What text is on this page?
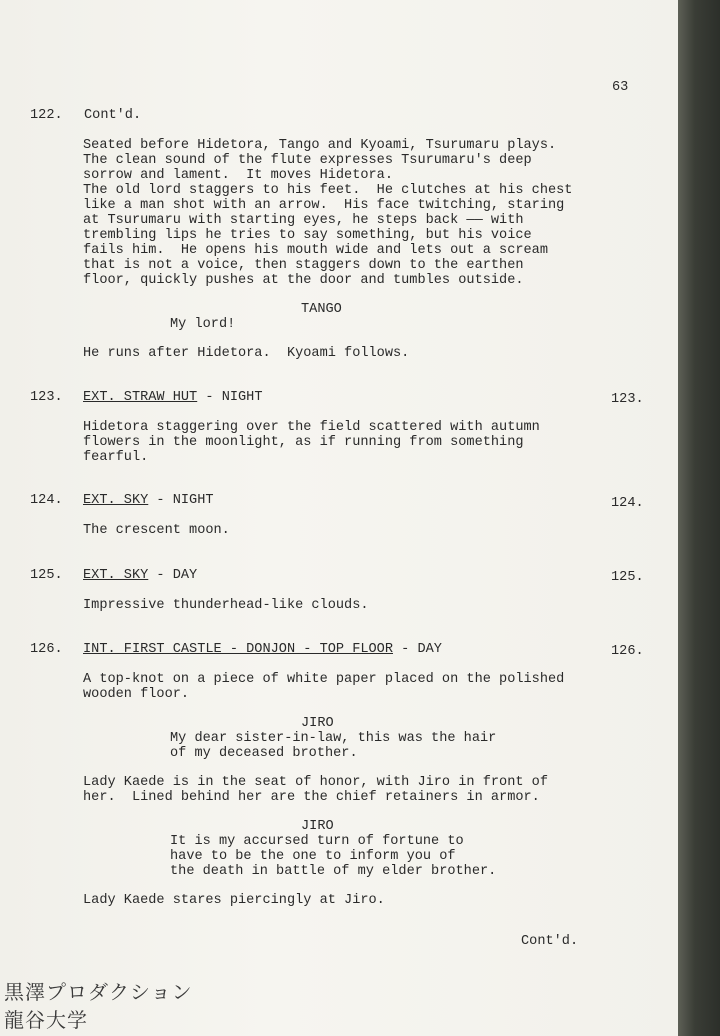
63
122. Cont'd.
Seated before Hidetora, Tango and Kyoami, Tsurumaru plays.
The clean sound of the flute expresses Tsurumaru's deep
sorrow and lament.  It moves Hidetora.
The old lord staggers to his feet.  He clutches at his chest
like a man shot with an arrow.  His face twitching, staring
at Tsurumaru with starting eyes, he steps back —— with
trembling lips he tries to say something, but his voice
fails him.  He opens his mouth wide and lets out a scream
that is not a voice, then staggers down to the earthen
floor, quickly pushes at the door and tumbles outside.
TANGO
My lord!
He runs after Hidetora.  Kyoami follows.
123. EXT. STRAW HUT - NIGHT	123.
Hidetora staggering over the field scattered with autumn
flowers in the moonlight, as if running from something
fearful.
124. EXT. SKY - NIGHT	124.
The crescent moon.
125. EXT. SKY - DAY	125.
Impressive thunderhead-like clouds.
126. INT. FIRST CASTLE - DONJON - TOP FLOOR - DAY	126.
A top-knot on a piece of white paper placed on the polished
wooden floor.
JIRO
My dear sister-in-law, this was the hair
of my deceased brother.
Lady Kaede is in the seat of honor, with Jiro in front of
her.  Lined behind her are the chief retainers in armor.
JIRO
It is my accursed turn of fortune to
have to be the one to inform you of
the death in battle of my elder brother.
Lady Kaede stares piercingly at Jiro.
Cont'd.
黒澤プロダクション
龍谷大学
